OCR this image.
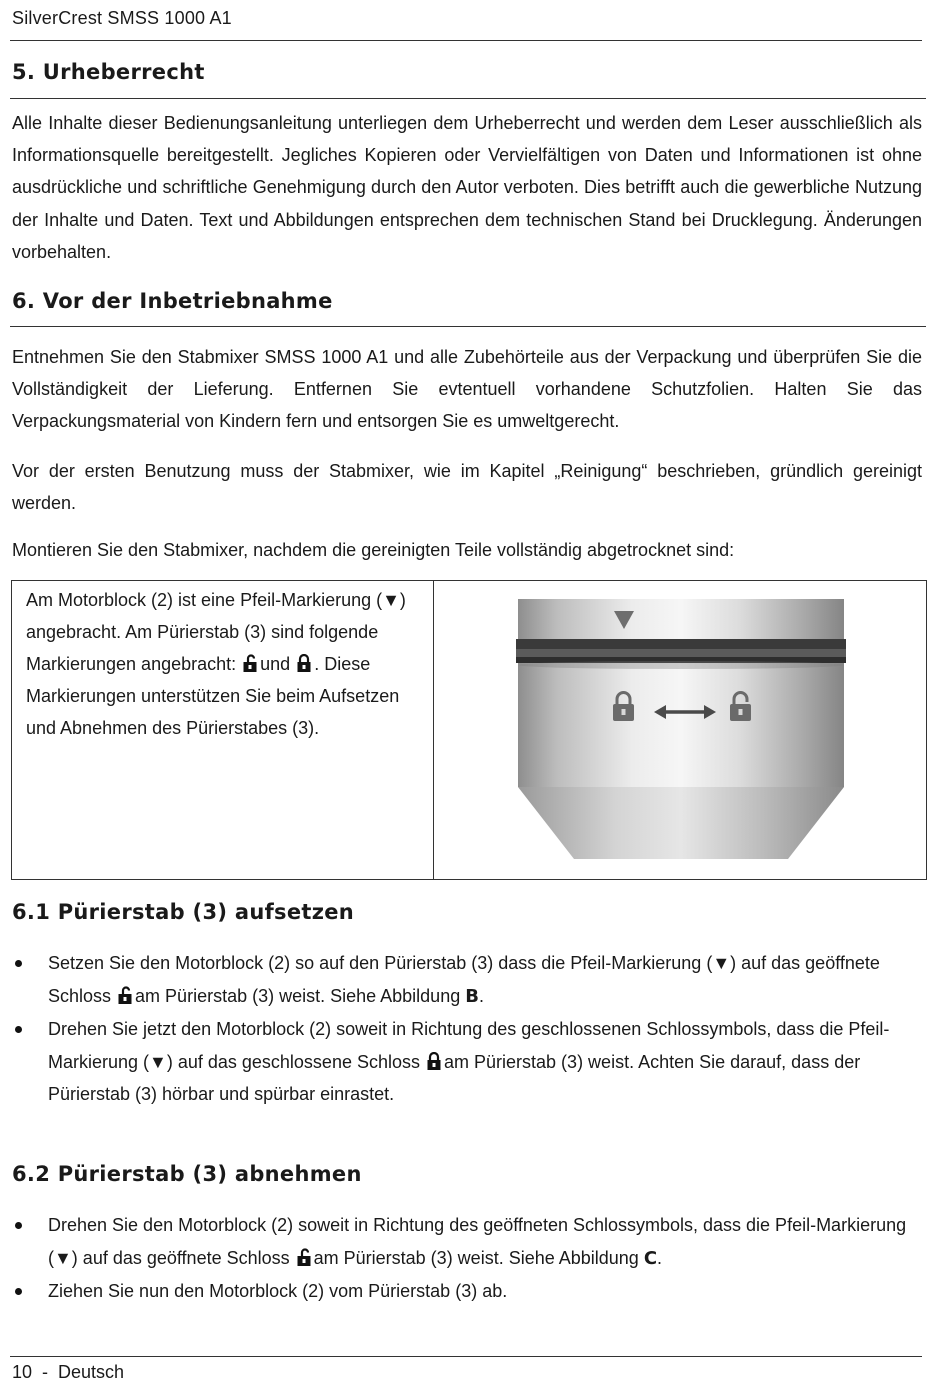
SilverCrest SMSS 1000 A1
5. Urheberrecht

Alle Inhalte dieser Bedienungsanleitung unterliegen dem Urheberrecht und werden dem Leser ausschließlich als Informationsquelle bereitgestellt. Jegliches Kopieren oder Vervielfältigen von Daten und Informationen ist ohne ausdrückliche und schriftliche Genehmigung durch den Autor verboten. Dies betrifft auch die gewerbliche Nutzung der Inhalte und Daten. Text und Abbildungen entsprechen dem technischen Stand bei Drucklegung. Änderungen vorbehalten.

6. Vor der Inbetriebnahme

Entnehmen Sie den Stabmixer SMSS 1000 A1 und alle Zubehörteile aus der Verpackung und überprüfen Sie die Vollständigkeit der Lieferung. Entfernen Sie evtentuell vorhandene Schutzfolien. Halten Sie das Verpackungsmaterial von Kindern fern und entsorgen Sie es umweltgerecht.

Vor der ersten Benutzung muss der Stabmixer, wie im Kapitel „Reinigung“ beschrieben, gründlich gereinigt werden.

Montieren Sie den Stabmixer, nachdem die gereinigten Teile vollständig abgetrocknet sind:

Am Motorblock (2) ist eine Pfeil-Markierung (▼) angebracht. Am Pürierstab (3) sind folgende Markierungen angebracht: und . Diese Markierungen unterstützen Sie beim Aufsetzen und Abnehmen des Pürierstabes (3).
6.1 Pürierstab (3) aufsetzen
Setzen Sie den Motorblock (2) so auf den Pürierstab (3) dass die Pfeil-Markierung (▼) auf das geöffnete Schloss am Pürierstab (3) weist. Siehe Abbildung B.
Drehen Sie jetzt den Motorblock (2) soweit in Richtung des geschlossenen Schlossymbols, dass die Pfeil-Markierung (▼) auf das geschlossene Schloss am Pürierstab (3) weist. Achten Sie darauf, dass der Pürierstab (3) hörbar und spürbar einrastet.
6.2 Pürierstab (3) abnehmen
Drehen Sie den Motorblock (2) soweit in Richtung des geöffneten Schlossymbols, dass die Pfeil-Markierung (▼) auf das geöffnete Schloss am Pürierstab (3) weist. Siehe Abbildung C.
Ziehen Sie nun den Motorblock (2) vom Pürierstab (3) ab.
10  -  Deutsch
